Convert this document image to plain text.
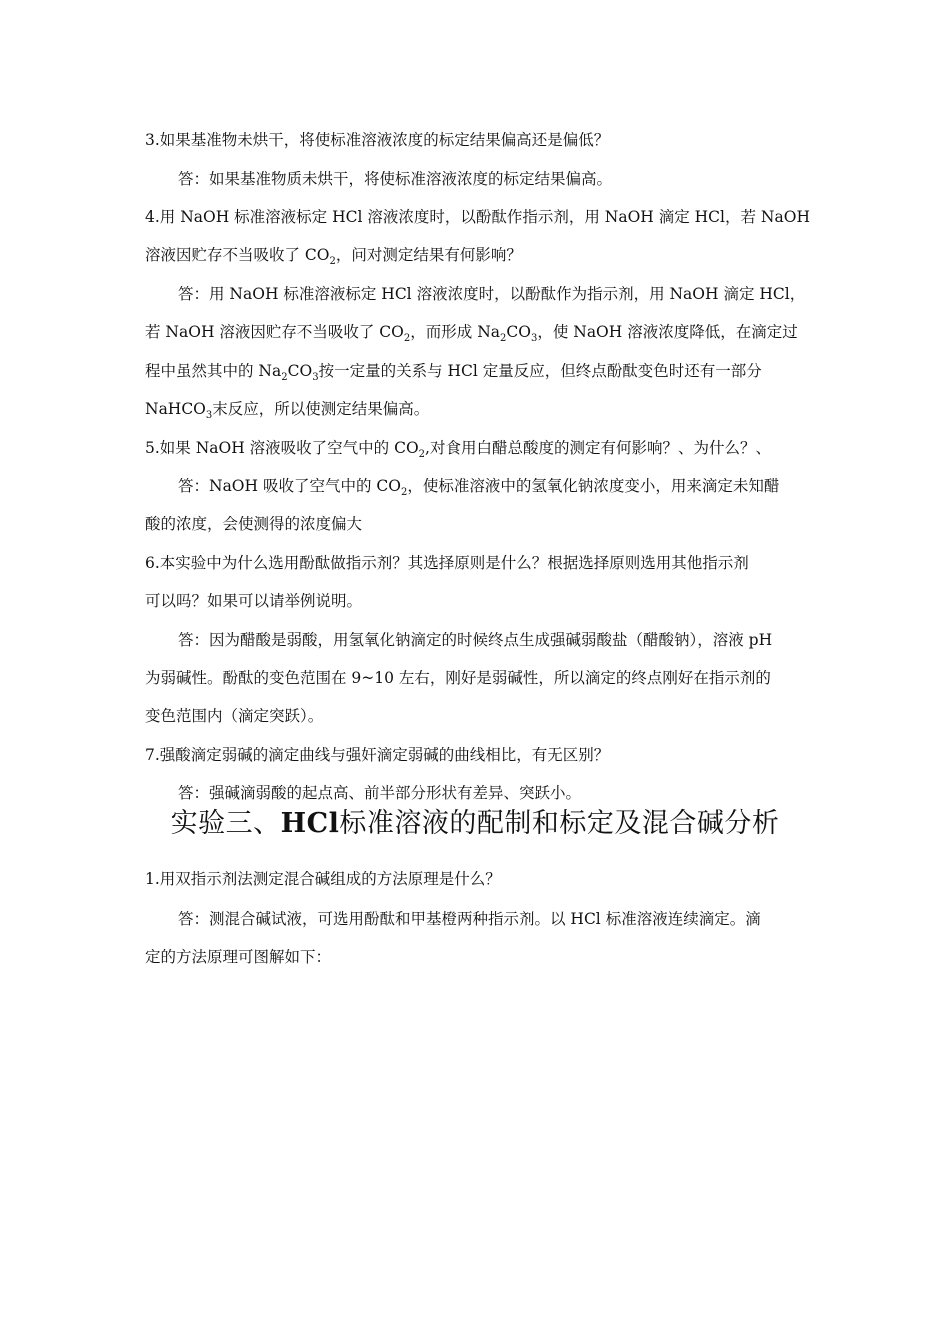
3.如果基准物未烘干，将使标准溶液浓度的标定结果偏高还是偏低？
答：如果基准物质未烘干，将使标准溶液浓度的标定结果偏高。
4.用 NaOH 标准溶液标定 HCl 溶液浓度时，以酚酞作指示剂，用 NaOH 滴定 HCl，若 NaOH
溶液因贮存不当吸收了 $CO_2$，问对测定结果有何影响？
答：用 NaOH 标准溶液标定 HCl 溶液浓度时，以酚酞作为指示剂，用 NaOH 滴定 HCl，
若 NaOH 溶液因贮存不当吸收了 $CO_2$，而形成 $Na_2CO_3$，使 NaOH 溶液浓度降低，在滴定过
程中虽然其中的 $Na_2CO_3$按一定量的关系与 HCl 定量反应，但终点酚酞变色时还有一部分
NaHCO$_3$末反应，所以使测定结果偏高。
5.如果 NaOH 溶液吸收了空气中的 $CO_2$,对食用白醋总酸度的测定有何影响？、为什么？、
答：NaOH 吸收了空气中的 $CO_2$，使标准溶液中的氢氧化钠浓度变小，用来滴定未知醋
酸的浓度，会使测得的浓度偏大
6.本实验中为什么选用酚酞做指示剂？其选择原则是什么？根据选择原则选用其他指示剂
可以吗？如果可以请举例说明。
答：因为醋酸是弱酸，用氢氧化钠滴定的时候终点生成强碱弱酸盐（醋酸钠），溶液 pH
为弱碱性。酚酞的变色范围在 9~10 左右，刚好是弱碱性，所以滴定的终点刚好在指示剂的
变色范围内（滴定突跃）。
7.强酸滴定弱碱的滴定曲线与强奸滴定弱碱的曲线相比，有无区别？
答：强碱滴弱酸的起点高、前半部分形状有差异、突跃小。
实验三、HCl标准溶液的配制和标定及混合碱分析
1.用双指示剂法测定混合碱组成的方法原理是什么？
答：测混合碱试液，可选用酚酞和甲基橙两种指示剂。以 HCl 标准溶液连续滴定。滴
定的方法原理可图解如下：
